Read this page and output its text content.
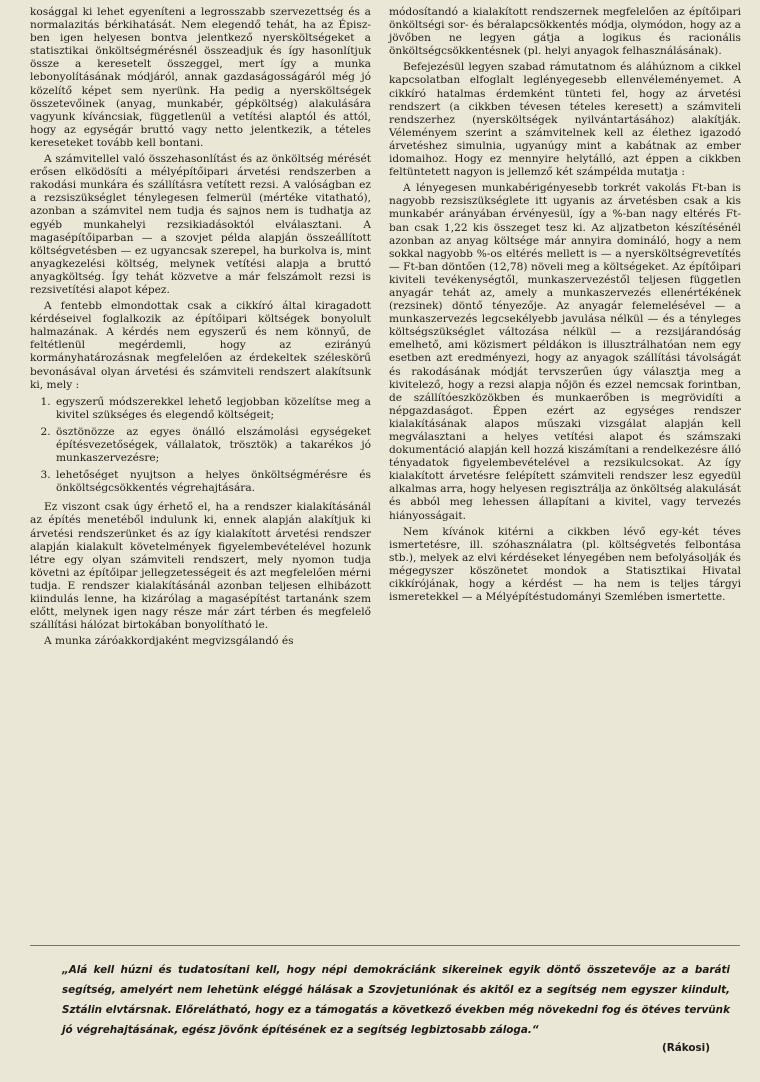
kosággal ki lehet egyeníteni a legrosszabb szervezettség és a normalazitás bérkihatását. Nem elegendő tehát, ha az Épisz-ben igen helyesen bontva jelentkező nyersköltségeket a statisztikai önköltségmérésnél összeadjuk és így hasonlítjuk össze a keresetelt összeggel, mert így a munka lebonyolításának módjáról, annak gazdaságosságáról még jó közelítő képet sem nyerünk. Ha pedig a nyersköltségek összetevőinek (anyag, munkabér, gépköltség) alakulására vagyunk kíváncsiak, függetlenül a vetítési alaptól és attól, hogy az egységár bruttó vagy netto jelentkezik, a tételes kereseteket tovább kell bontani.

A számvitellel való összehasonlítást és az önköltség mérését erősen elködösíti a mélyépítőipari árvetési rendszerben a rakodási munkára és szállításra vetített rezsi. A valóságban ez a rezsiszükséglet ténylegesen felmerül (mértéke vitatható), azonban a számvitel nem tudja és sajnos nem is tudhatja az egyéb munkahelyi rezsikiadásoktól elválasztani. A magasépítőiparban — a szovjet példa alapján összeállított költségvetésben — ez ugyancsak szerepel, ha burkolva is, mint anyagkezelési költség, melynek vetítési alapja a bruttó anyagköltség. Így tehát közvetve a már felszámolt rezsi is rezsivetítési alapot képez.

A fentebb elmondottak csak a cikkíró által kiragadott kérdéseivel foglalkozik az építőipari költségek bonyolult halmazának. A kérdés nem egyszerű és nem könnyű, de feltétlenül megérdemli, hogy az ezirányú kormányhatározásnak megfelelően az érdekeltek széleskörű bevonásával olyan árvetési és számviteli rendszert alakítsunk ki, mely :

1. egyszerű módszerekkel lehető legjobban közelítse meg a kivitel szükséges és elegendő költségeit;
2. ösztönözze az egyes önálló elszámolási egységeket építésvezetőségek, vállalatok, trösztök) a takarékos jó munkaszervezésre;
3. lehetőséget nyujtson a helyes önköltségmérésre és önköltségcsökkentés végrehajtására.

Ez viszont csak úgy érhető el, ha a rendszer kialakításánál az építés menetéből indulunk ki, ennek alapján alakítjuk ki árvetési rendszerünket és az így kialakított árvetési rendszer alapján kialakult követelmények figyelembevételével hozunk létre egy olyan számviteli rendszert, mely nyomon tudja követni az építőipar jellegzetességeit és azt megfelelően mérni tudja. E rendszer kialakításánál azonban teljesen elhibázott kiindulás lenne, ha kizárólag a magasépítést tartanánk szem előtt, melynek igen nagy része már zárt térben és megfelelő szállítási hálózat birtokában bonyolítható le.

A munka záróakkordjaként megvizsgálandó és

módosítandó a kialakított rendszernek megfelelően az építőipari önköltségi sor- és béralapcsökkentés módja, olymódon, hogy az a jövőben ne legyen gátja a logikus és racionális önköltségcsökkentésnek (pl. helyi anyagok felhasználásának).

Befejezésül legyen szabad rámutatnom és aláhúznom a cikkel kapcsolatban elfoglalt leglényegesebb ellenvéleményemet. A cikkíró hatalmas érdemként tünteti fel, hogy az árvetési rendszert (a cikkben tévesen tételes keresett) a számviteli rendszerhez (nyersköltségek nyilvántartásához) alakítják. Véleményem szerint a számvitelnek kell az élethez igazodó árvetéshez simulnia, ugyanúgy mint a kabátnak az ember idomaihoz. Hogy ez mennyire helytálló, azt éppen a cikkben feltüntetett nagyon is jellemző két számpélda mutatja :

A lényegesen munkabérigényesebb torkrét vakolás Ft-ban is nagyobb rezsiszükséglete itt ugyanis az árvetésben csak a kis munkabér arányában érvényesül, így a %-ban nagy eltérés Ft-ban csak 1,22 kis összeget tesz ki. Az aljzatbeton készítésénél azonban az anyag költsége már annyira domináló, hogy a nem sokkal nagyobb %-os eltérés mellett is — a nyersköltségrevetítés — Ft-ban döntően (12,78) növeli meg a költségeket. Az építőipari kiviteli tevékenységtől, munkaszervezéstől teljesen független anyagár tehát az, amely a munkaszervezés ellenértékének (rezsinek) döntő tényezője. Az anyagár felemelésével — a munkaszervezés legcsekélyebb javulása nélkül — és a tényleges költségszükséglet változása nélkül — a rezsijárandóság emelhető, ami közismert példákon is illusztrálhatóan nem egy esetben azt eredményezi, hogy az anyagok szállítási távolságát és rakodásának módját tervszerűen úgy választja meg a kivitelező, hogy a rezsi alapja nőjön és ezzel nemcsak forintban, de szállítóeszközökben és munkaerőben is megrövidíti a népgazdaságot. Éppen ezért az egységes rendszer kialakításának alapos műszaki vizsgálat alapján kell megválasztani a helyes vetítési alapot és számszaki dokumentáció alapján kell hozzá kiszámítani a rendelkezésre álló tényadatok figyelembevételével a rezsikulcsokat. Az így kialakított árvetésre felépített számviteli rendszer lesz egyedül alkalmas arra, hogy helyesen regisztrálja az önköltség alakulását és abból meg lehessen állapítani a kivitel, vagy tervezés hiányosságait.

Nem kívánok kitérni a cikkben lévő egy-két téves ismertetésre, ill. szóhasználatra (pl. költségvetés felbontása stb.), melyek az elvi kérdéseket lényegében nem befolyásolják és mégegyszer köszönetet mondok a Statisztikai Hivatal cikkírójának, hogy a kérdést — ha nem is teljes tárgyi ismeretekkel — a Mélyépítéstudományi Szemlében ismertette.

„Alá kell húzni és tudatosítani kell, hogy népi demokráciánk sikereinek egyik döntő összetevője az a baráti segítség, amelyért nem lehetünk eléggé hálásak a Szovjetuniónak és akitől ez a segítség nem egyszer kiindult, Sztálin elvtársnak. Előrelátható, hogy ez a támogatás a következő években még növekedni fog és ötéves tervünk jó végrehajtásának, egész jövőnk építésének ez a segítség legbiztosabb záloga.“
(Rákosi)
